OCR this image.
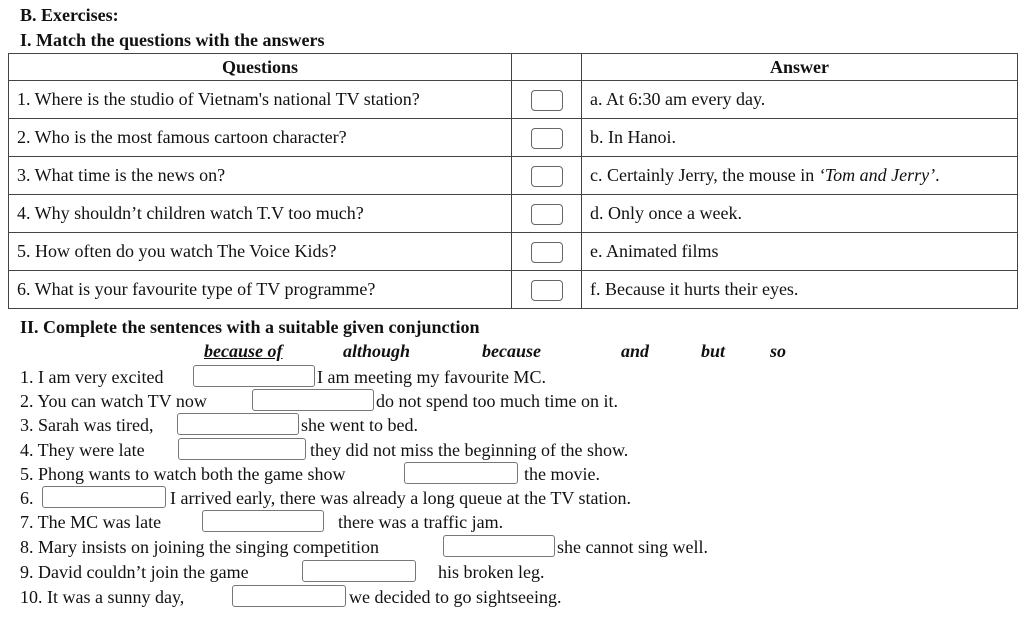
B. Exercises:
I. Match the questions with the answers
Questions		Answer
1. Where is the studio of Vietnam's national TV station?		a. At 6:30 am every day.
2. Who is the most famous cartoon character?		b. In Hanoi.
3. What time is the news on?		c. Certainly Jerry, the mouse in ‘Tom and Jerry’.
4. Why shouldn’t children watch T.V too much?		d. Only once a week.
5. How often do you watch The Voice Kids?		e. Animated films
6. What is your favourite type of TV programme?		f. Because it hurts their eyes.
II. Complete the sentences with a suitable given conjunction
because of	although	because	and	but so
1. I am very excited	I am meeting my favourite MC.
2. You can watch TV now	do not spend too much time on it.
3. Sarah was tired,	she went to bed.
4. They were late	they did not miss the beginning of the show.
5. Phong wants to watch both the game show	the movie.
6.	I arrived early, there was already a long queue at the TV station.
7. The MC was late	there was a traffic jam.
8. Mary insists on joining the singing competition	she cannot sing well.
9. David couldn’t join the game	his broken leg.
10. It was a sunny day,	we decided to go sightseeing.
